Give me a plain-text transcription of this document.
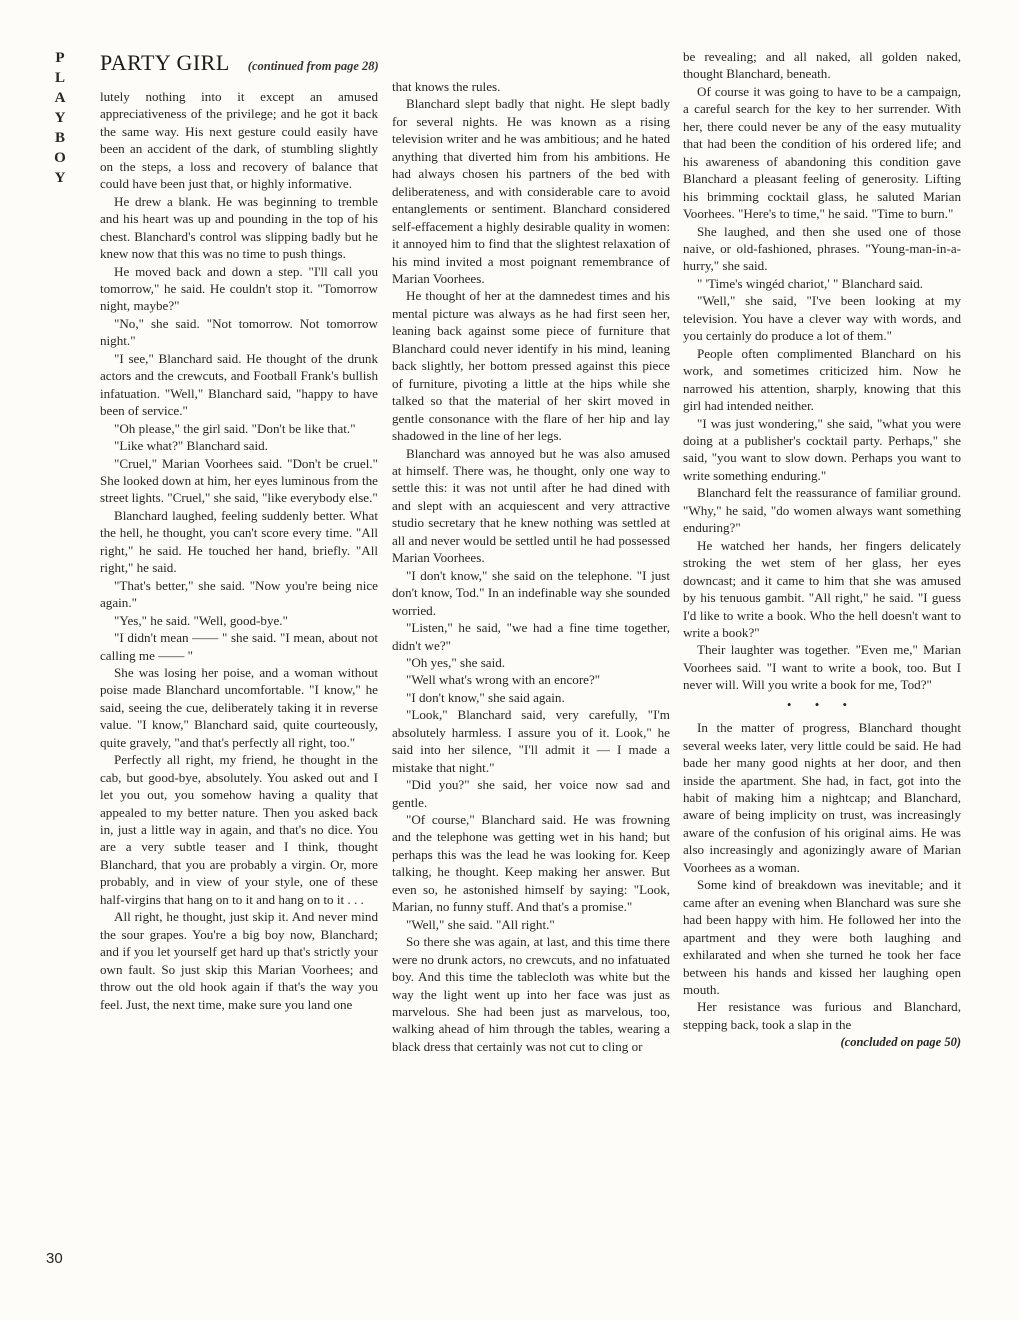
PLAYBOY
30
PARTY GIRL (continued from page 28)

lutely nothing into it except an amused appreciativeness of the privilege; and he got it back the same way. His next gesture could easily have been an accident of the dark, of stumbling slightly on the steps, a loss and recovery of balance that could have been just that, or highly informative.

He drew a blank. He was beginning to tremble and his heart was up and pounding in the top of his chest. Blanchard's control was slipping badly but he knew now that this was no time to push things.

He moved back and down a step. "I'll call you tomorrow," he said. He couldn't stop it. "Tomorrow night, maybe?"

"No," she said. "Not tomorrow. Not tomorrow night."

"I see," Blanchard said. He thought of the drunk actors and the crewcuts, and Football Frank's bullish infatuation. "Well," Blanchard said, "happy to have been of service."

"Oh please," the girl said. "Don't be like that."

"Like what?" Blanchard said.

"Cruel," Marian Voorhees said. "Don't be cruel." She looked down at him, her eyes luminous from the street lights. "Cruel," she said, "like everybody else."

Blanchard laughed, feeling suddenly better. What the hell, he thought, you can't score every time. "All right," he said. He touched her hand, briefly. "All right," he said.

"That's better," she said. "Now you're being nice again."

"Yes," he said. "Well, good-bye."

"I didn't mean —— " she said. "I mean, about not calling me —— "

She was losing her poise, and a woman without poise made Blanchard uncomfortable. "I know," he said, seeing the cue, deliberately taking it in reverse value. "I know," Blanchard said, quite courteously, quite gravely, "and that's perfectly all right, too."

Perfectly all right, my friend, he thought in the cab, but good-bye, absolutely. You asked out and I let you out, you somehow having a quality that appealed to my better nature. Then you asked back in, just a little way in again, and that's no dice. You are a very subtle teaser and I think, thought Blanchard, that you are probably a virgin. Or, more probably, and in view of your style, one of these half-virgins that hang on to it and hang on to it . . .

All right, he thought, just skip it. And never mind the sour grapes. You're a big boy now, Blanchard; and if you let yourself get hard up that's strictly your own fault. So just skip this Marian Voorhees; and throw out the old hook again if that's the way you feel. Just, the next time, make sure you land one

that knows the rules.

Blanchard slept badly that night. He slept badly for several nights. He was known as a rising television writer and he was ambitious; and he hated anything that diverted him from his ambitions. He had always chosen his partners of the bed with deliberateness, and with considerable care to avoid entanglements or sentiment. Blanchard considered self-effacement a highly desirable quality in women: it annoyed him to find that the slightest relaxation of his mind invited a most poignant remembrance of Marian Voorhees.

He thought of her at the damnedest times and his mental picture was always as he had first seen her, leaning back against some piece of furniture that Blanchard could never identify in his mind, leaning back slightly, her bottom pressed against this piece of furniture, pivoting a little at the hips while she talked so that the material of her skirt moved in gentle consonance with the flare of her hip and lay shadowed in the line of her legs.

Blanchard was annoyed but he was also amused at himself. There was, he thought, only one way to settle this: it was not until after he had dined with and slept with an acquiescent and very attractive studio secretary that he knew nothing was settled at all and never would be settled until he had possessed Marian Voorhees.

"I don't know," she said on the telephone. "I just don't know, Tod." In an indefinable way she sounded worried.

"Listen," he said, "we had a fine time together, didn't we?"

"Oh yes," she said.

"Well what's wrong with an encore?"

"I don't know," she said again.

"Look," Blanchard said, very carefully, "I'm absolutely harmless. I assure you of it. Look," he said into her silence, "I'll admit it — I made a mistake that night."

"Did you?" she said, her voice now sad and gentle.

"Of course," Blanchard said. He was frowning and the telephone was getting wet in his hand; but perhaps this was the lead he was looking for. Keep talking, he thought. Keep making her answer. But even so, he astonished himself by saying: "Look, Marian, no funny stuff. And that's a promise."

"Well," she said. "All right."

So there she was again, at last, and this time there were no drunk actors, no crewcuts, and no infatuated boy. And this time the tablecloth was white but the way the light went up into her face was just as marvelous. She had been just as marvelous, too, walking ahead of him through the tables, wearing a black dress that certainly was not cut to cling or

be revealing; and all naked, all golden naked, thought Blanchard, beneath.

Of course it was going to have to be a campaign, a careful search for the key to her surrender. With her, there could never be any of the easy mutuality that had been the condition of his ordered life; and his awareness of abandoning this condition gave Blanchard a pleasant feeling of generosity. Lifting his brimming cocktail glass, he saluted Marian Voorhees. "Here's to time," he said. "Time to burn."

She laughed, and then she used one of those naive, or old-fashioned, phrases. "Young-man-in-a-hurry," she said.

" 'Time's wingéd chariot,' " Blanchard said.

"Well," she said, "I've been looking at my television. You have a clever way with words, and you certainly do produce a lot of them."

People often complimented Blanchard on his work, and sometimes criticized him. Now he narrowed his attention, sharply, knowing that this girl had intended neither.

"I was just wondering," she said, "what you were doing at a publisher's cocktail party. Perhaps," she said, "you want to slow down. Perhaps you want to write something enduring."

Blanchard felt the reassurance of familiar ground. "Why," he said, "do women always want something enduring?"

He watched her hands, her fingers delicately stroking the wet stem of her glass, her eyes downcast; and it came to him that she was amused by his tenuous gambit. "All right," he said. "I guess I'd like to write a book. Who the hell doesn't want to write a book?"

Their laughter was together. "Even me," Marian Voorhees said. "I want to write a book, too. But I never will. Will you write a book for me, Tod?"

• • •

In the matter of progress, Blanchard thought several weeks later, very little could be said. He had bade her many good nights at her door, and then inside the apartment. She had, in fact, got into the habit of making him a nightcap; and Blanchard, aware of being implicity on trust, was increasingly aware of the confusion of his original aims. He was also increasingly and agonizingly aware of Marian Voorhees as a woman.

Some kind of breakdown was inevitable; and it came after an evening when Blanchard was sure she had been happy with him. He followed her into the apartment and they were both laughing and exhilarated and when she turned he took her face between his hands and kissed her laughing open mouth.

Her resistance was furious and Blanchard, stepping back, took a slap in the

(concluded on page 50)
